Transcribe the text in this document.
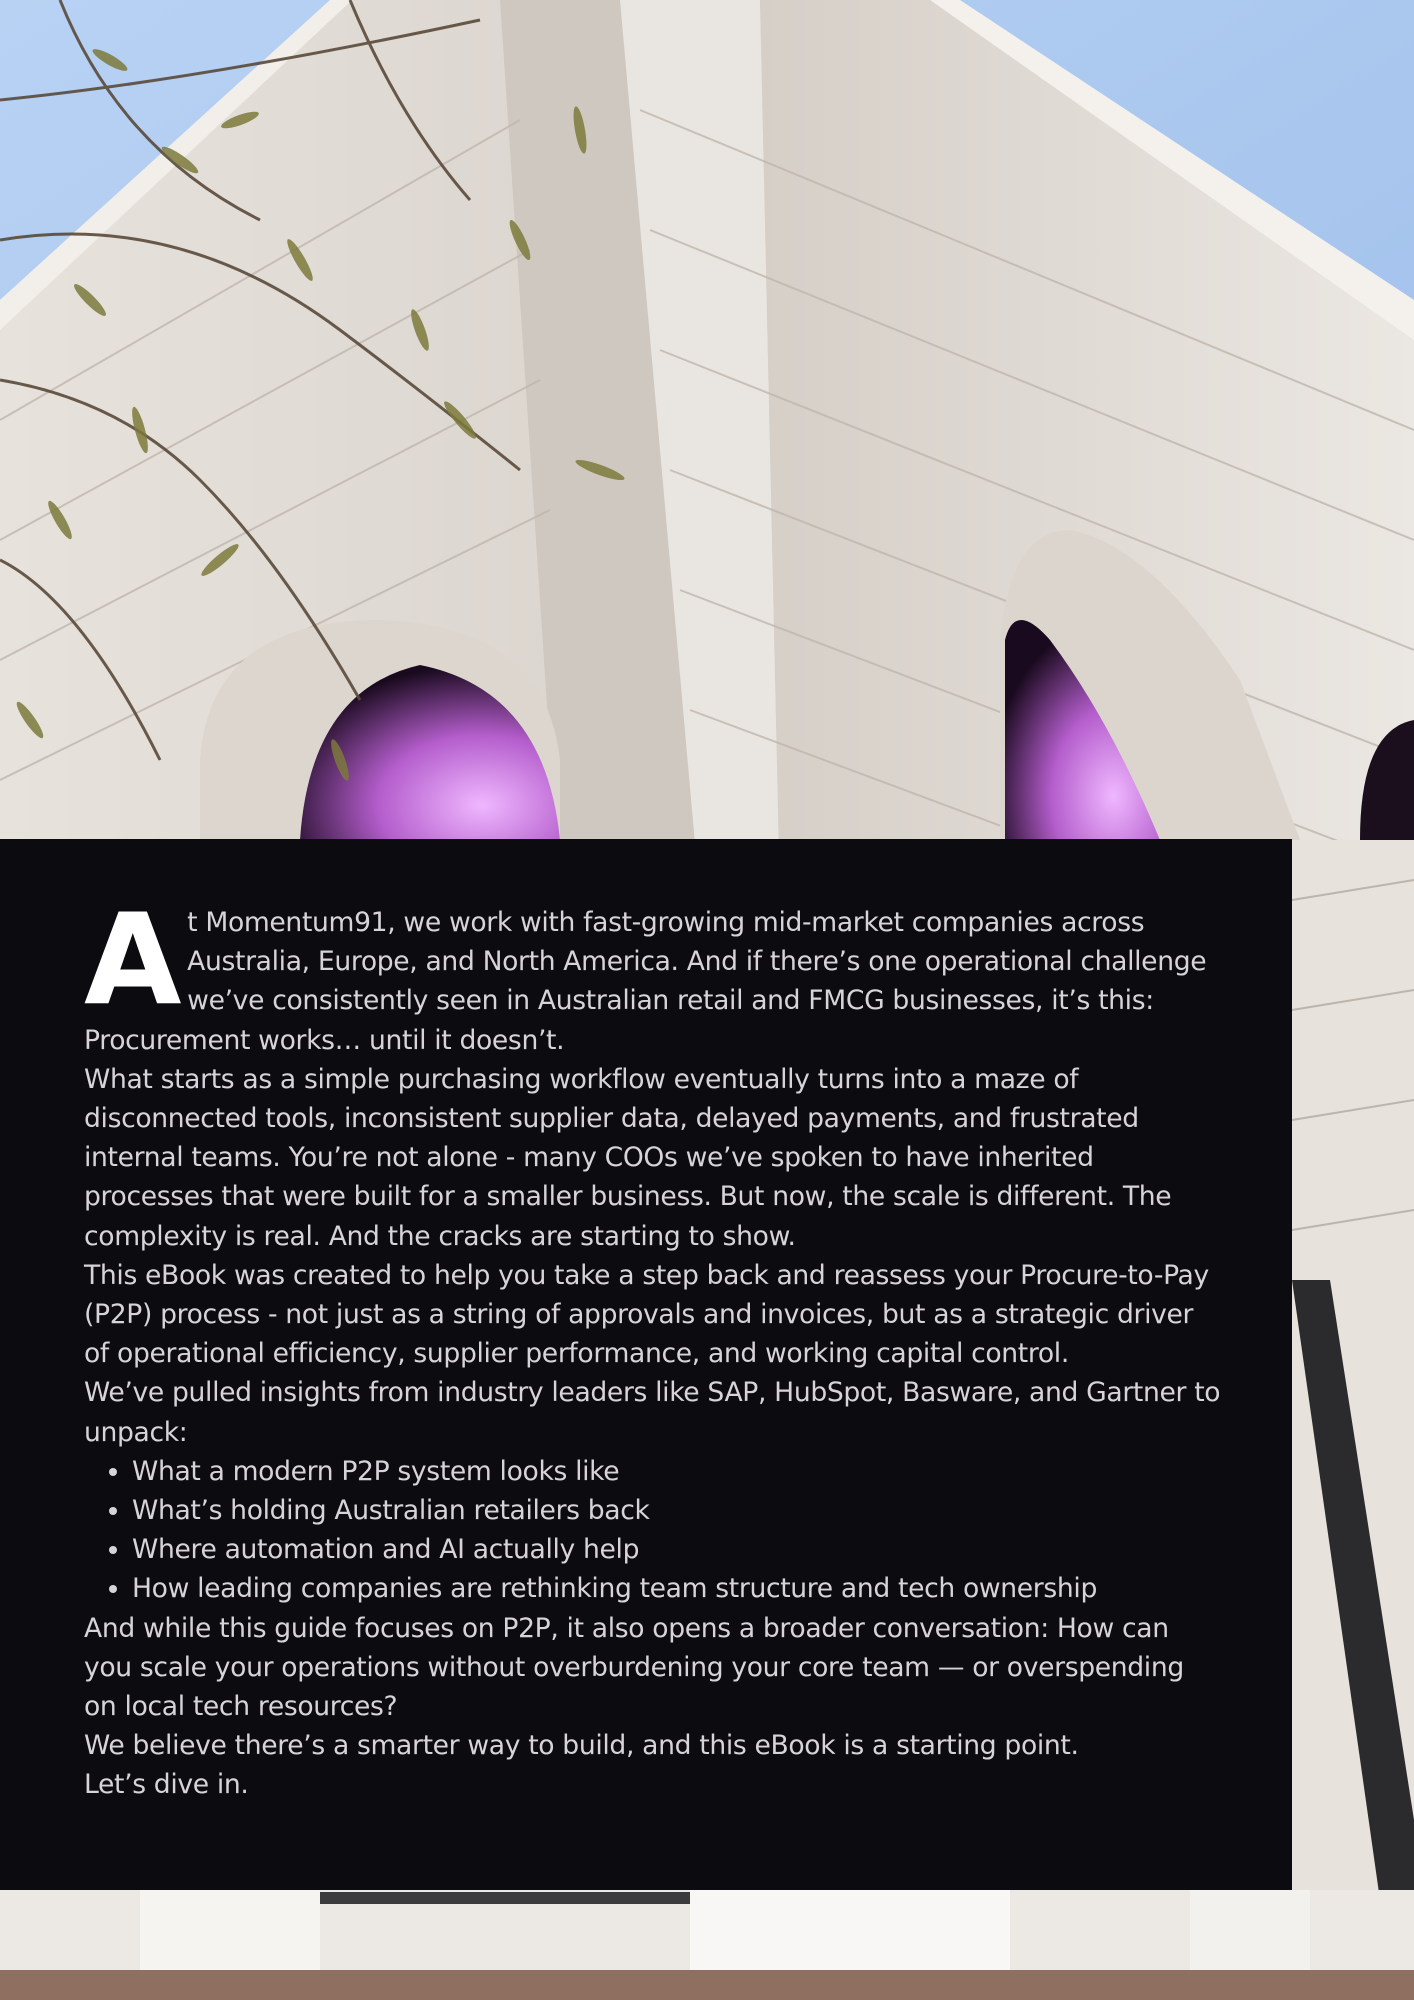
At Momentum91, we work with fast-growing mid-market companies across Australia, Europe, and North America. And if there’s one operational challenge we’ve consistently seen in Australian retail and FMCG businesses, it’s this:

Procurement works… until it doesn’t.

What starts as a simple purchasing workflow eventually turns into a maze of disconnected tools, inconsistent supplier data, delayed payments, and frustrated internal teams. You’re not alone - many COOs we’ve spoken to have inherited processes that were built for a smaller business. But now, the scale is different. The complexity is real. And the cracks are starting to show.

This eBook was created to help you take a step back and reassess your Procure-to-Pay (P2P) process - not just as a string of approvals and invoices, but as a strategic driver of operational efficiency, supplier performance, and working capital control.

We’ve pulled insights from industry leaders like SAP, HubSpot, Basware, and Gartner to unpack:

• What a modern P2P system looks like
• What’s holding Australian retailers back
• Where automation and AI actually help
• How leading companies are rethinking team structure and tech ownership

And while this guide focuses on P2P, it also opens a broader conversation: How can you scale your operations without overburdening your core team — or overspending on local tech resources?

We believe there’s a smarter way to build, and this eBook is a starting point.

Let’s dive in.
